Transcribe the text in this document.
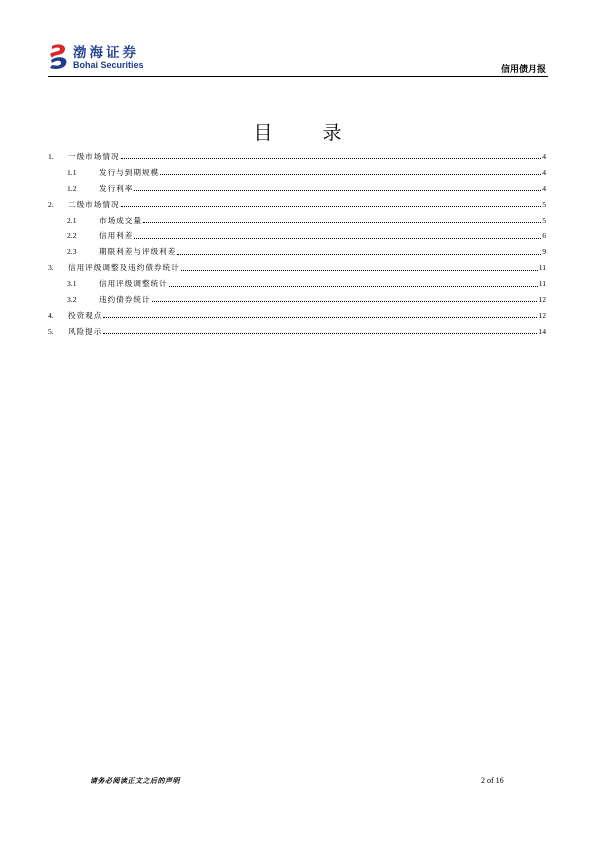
渤海证券
Bohai Securities	信用债月报
目 录
1.	一级市场情况	4
1.1	发行与到期规模	4
1.2	发行利率	4
2.	二级市场情况	5
2.1	市场成交量	5
2.2	信用利差	6
2.3	期限利差与评级利差	9
3.	信用评级调整及违约债券统计	11
3.1	信用评级调整统计	11
3.2	违约债券统计	12
4.	投资观点	12
5.	风险提示	14
请务必阅读正文之后的声明	2 of 16
